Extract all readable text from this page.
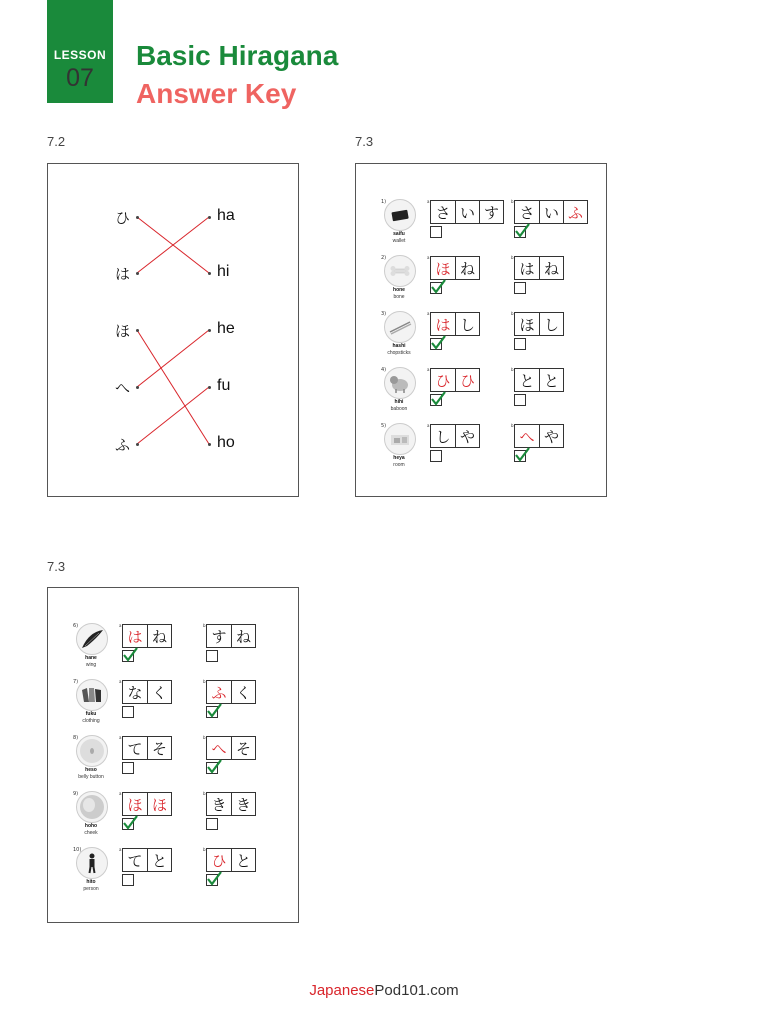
LESSON
07
Basic Hiragana
Answer Key
7.2	7.3
7.3
ひ
は
ほ
へ
ふ
ha
hi
he
fu
ho
1)
saifu
wallet
a.
さ い す
b.
さ い ふ
2)
hone
bone
a.
ほ ね
b.
は ね
3)
hashi
chopsticks
a.
は し
b.
ほ し
4)
hihi
baboon
a.
ひ ひ
b.
と と
5)
heya
room
a.
し や
b.
へ や
6)
hane
wing
a.
は ね
b.
す ね
7)
fuku
clothing
a.
な く
b.
ふ く
8)
heso
belly button
a.
て そ
b.
へ そ
9)
hoho
cheek
a.
ほ ほ
b.
き き
10)
hito
person
a.
て と
b.
ひ と
JapanesePod101.com
